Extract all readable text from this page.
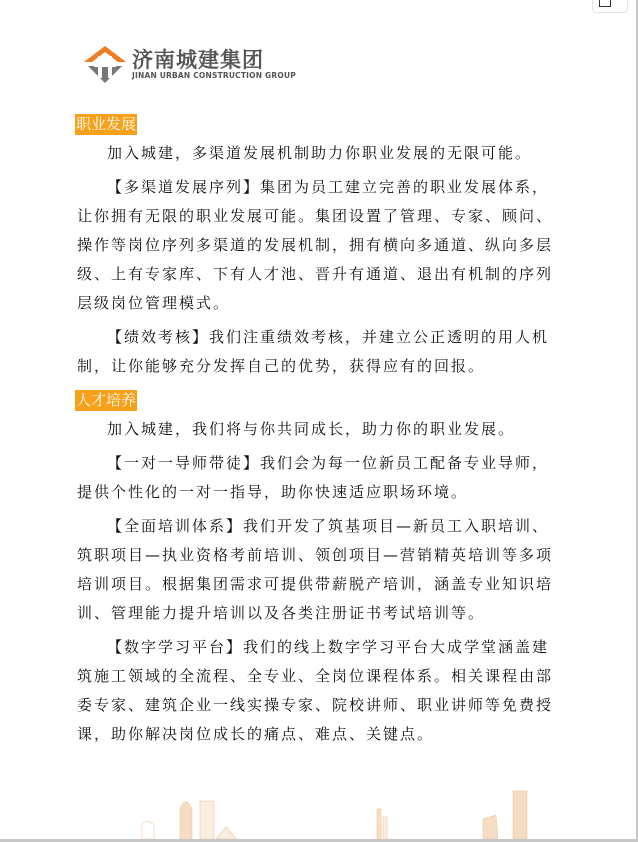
济南城建集团
JINAN URBAN CONSTRUCTION GROUP
职业发展

加入城建，多渠道发展机制助力你职业发展的无限可能。

【多渠道发展序列】集团为员工建立完善的职业发展体系，让你拥有无限的职业发展可能。集团设置了管理、专家、顾问、操作等岗位序列多渠道的发展机制，拥有横向多通道、纵向多层级、上有专家库、下有人才池、晋升有通道、退出有机制的序列层级岗位管理模式。

【绩效考核】我们注重绩效考核，并建立公正透明的用人机制，让你能够充分发挥自己的优势，获得应有的回报。

人才培养

加入城建，我们将与你共同成长，助力你的职业发展。

【一对一导师带徒】我们会为每一位新员工配备专业导师，提供个性化的一对一指导，助你快速适应职场环境。

【全面培训体系】我们开发了筑基项目—新员工入职培训、筑职项目—执业资格考前培训、领创项目—营销精英培训等多项培训项目。根据集团需求可提供带薪脱产培训，涵盖专业知识培训、管理能力提升培训以及各类注册证书考试培训等。

【数字学习平台】我们的线上数字学习平台大成学堂涵盖建筑施工领域的全流程、全专业、全岗位课程体系。相关课程由部委专家、建筑企业一线实操专家、院校讲师、职业讲师等免费授课，助你解决岗位成长的痛点、难点、关键点。
